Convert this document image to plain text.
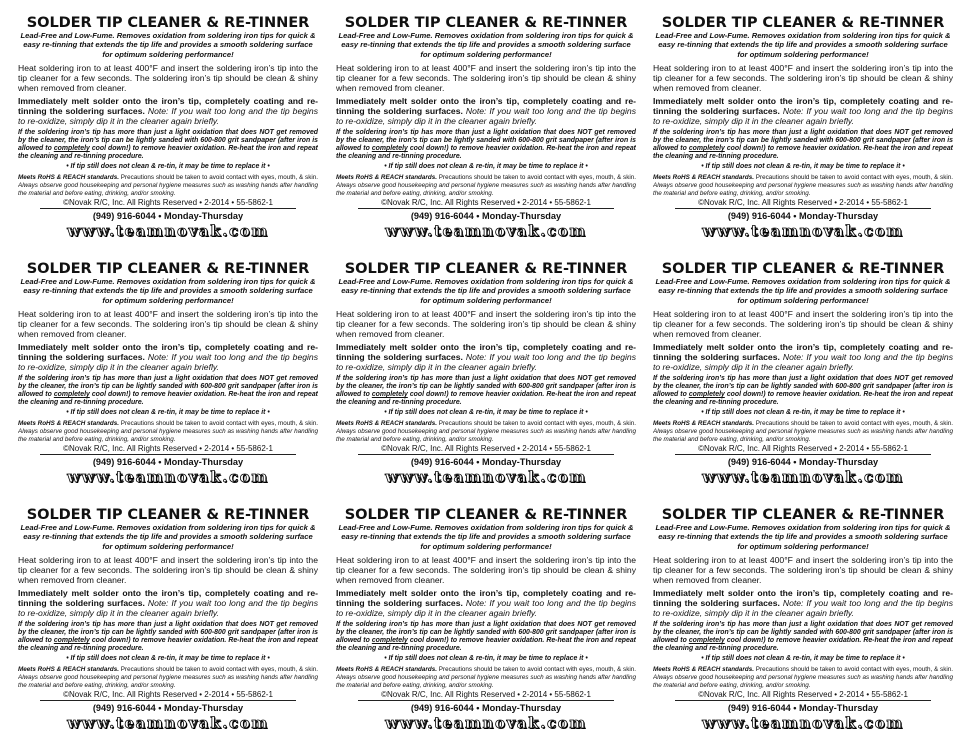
SOLDER TIP CLEANER & RE-TINNER
Lead-Free and Low-Fume. Removes oxidation from soldering iron tips for quick & easy re-tinning that extends the tip life and provides a smooth soldering surface for optimum soldering performance!

Heat soldering iron to at least 400°F and insert the soldering iron’s tip into the tip cleaner for a few seconds. The soldering iron’s tip should be clean & shiny when removed from cleaner.

Immediately melt solder onto the iron’s tip, completely coating and re-tinning the soldering surfaces. Note: If you wait too long and the tip begins to re-oxidize, simply dip it in the cleaner again briefly.

If the soldering iron’s tip has more than just a light oxidation that does NOT get removed by the cleaner, the iron’s tip can be lightly sanded with 600-800 grit sandpaper (after iron is allowed to completely cool down!) to remove heavier oxidation. Re-heat the iron and repeat the cleaning and re-tinning procedure.

• If tip still does not clean & re-tin, it may be time to replace it •

Meets RoHS & REACH standards. Precautions should be taken to avoid contact with eyes, mouth, & skin. Always observe good housekeeping and personal hygiene measures such as washing hands after handling the material and before eating, drinking, and/or smoking.

©Novak R/C, Inc. All Rights Reserved • 2-2014 • 55-5862-1

(949) 916-6044 • Monday-Thursday

www.teamnovak.com
SOLDER TIP CLEANER & RE-TINNER
Lead-Free and Low-Fume. Removes oxidation from soldering iron tips for quick & easy re-tinning that extends the tip life and provides a smooth soldering surface for optimum soldering performance!

Heat soldering iron to at least 400°F and insert the soldering iron’s tip into the tip cleaner for a few seconds. The soldering iron’s tip should be clean & shiny when removed from cleaner.

Immediately melt solder onto the iron’s tip, completely coating and re-tinning the soldering surfaces. Note: If you wait too long and the tip begins to re-oxidize, simply dip it in the cleaner again briefly.

If the soldering iron’s tip has more than just a light oxidation that does NOT get removed by the cleaner, the iron’s tip can be lightly sanded with 600-800 grit sandpaper (after iron is allowed to completely cool down!) to remove heavier oxidation. Re-heat the iron and repeat the cleaning and re-tinning procedure.

• If tip still does not clean & re-tin, it may be time to replace it •

Meets RoHS & REACH standards. Precautions should be taken to avoid contact with eyes, mouth, & skin. Always observe good housekeeping and personal hygiene measures such as washing hands after handling the material and before eating, drinking, and/or smoking.

©Novak R/C, Inc. All Rights Reserved • 2-2014 • 55-5862-1

(949) 916-6044 • Monday-Thursday

www.teamnovak.com
SOLDER TIP CLEANER & RE-TINNER
Lead-Free and Low-Fume. Removes oxidation from soldering iron tips for quick & easy re-tinning that extends the tip life and provides a smooth soldering surface for optimum soldering performance!

Heat soldering iron to at least 400°F and insert the soldering iron’s tip into the tip cleaner for a few seconds. The soldering iron’s tip should be clean & shiny when removed from cleaner.

Immediately melt solder onto the iron’s tip, completely coating and re-tinning the soldering surfaces. Note: If you wait too long and the tip begins to re-oxidize, simply dip it in the cleaner again briefly.

If the soldering iron’s tip has more than just a light oxidation that does NOT get removed by the cleaner, the iron’s tip can be lightly sanded with 600-800 grit sandpaper (after iron is allowed to completely cool down!) to remove heavier oxidation. Re-heat the iron and repeat the cleaning and re-tinning procedure.

• If tip still does not clean & re-tin, it may be time to replace it •

Meets RoHS & REACH standards. Precautions should be taken to avoid contact with eyes, mouth, & skin. Always observe good housekeeping and personal hygiene measures such as washing hands after handling the material and before eating, drinking, and/or smoking.

©Novak R/C, Inc. All Rights Reserved • 2-2014 • 55-5862-1

(949) 916-6044 • Monday-Thursday

www.teamnovak.com
SOLDER TIP CLEANER & RE-TINNER
Lead-Free and Low-Fume. Removes oxidation from soldering iron tips for quick & easy re-tinning that extends the tip life and provides a smooth soldering surface for optimum soldering performance!

Heat soldering iron to at least 400°F and insert the soldering iron’s tip into the tip cleaner for a few seconds. The soldering iron’s tip should be clean & shiny when removed from cleaner.

Immediately melt solder onto the iron’s tip, completely coating and re-tinning the soldering surfaces. Note: If you wait too long and the tip begins to re-oxidize, simply dip it in the cleaner again briefly.

If the soldering iron’s tip has more than just a light oxidation that does NOT get removed by the cleaner, the iron’s tip can be lightly sanded with 600-800 grit sandpaper (after iron is allowed to completely cool down!) to remove heavier oxidation. Re-heat the iron and repeat the cleaning and re-tinning procedure.

• If tip still does not clean & re-tin, it may be time to replace it •

Meets RoHS & REACH standards. Precautions should be taken to avoid contact with eyes, mouth, & skin. Always observe good housekeeping and personal hygiene measures such as washing hands after handling the material and before eating, drinking, and/or smoking.

©Novak R/C, Inc. All Rights Reserved • 2-2014 • 55-5862-1

(949) 916-6044 • Monday-Thursday

www.teamnovak.com
SOLDER TIP CLEANER & RE-TINNER
Lead-Free and Low-Fume. Removes oxidation from soldering iron tips for quick & easy re-tinning that extends the tip life and provides a smooth soldering surface for optimum soldering performance!

Heat soldering iron to at least 400°F and insert the soldering iron’s tip into the tip cleaner for a few seconds. The soldering iron’s tip should be clean & shiny when removed from cleaner.

Immediately melt solder onto the iron’s tip, completely coating and re-tinning the soldering surfaces. Note: If you wait too long and the tip begins to re-oxidize, simply dip it in the cleaner again briefly.

If the soldering iron’s tip has more than just a light oxidation that does NOT get removed by the cleaner, the iron’s tip can be lightly sanded with 600-800 grit sandpaper (after iron is allowed to completely cool down!) to remove heavier oxidation. Re-heat the iron and repeat the cleaning and re-tinning procedure.

• If tip still does not clean & re-tin, it may be time to replace it •

Meets RoHS & REACH standards. Precautions should be taken to avoid contact with eyes, mouth, & skin. Always observe good housekeeping and personal hygiene measures such as washing hands after handling the material and before eating, drinking, and/or smoking.

©Novak R/C, Inc. All Rights Reserved • 2-2014 • 55-5862-1

(949) 916-6044 • Monday-Thursday

www.teamnovak.com
SOLDER TIP CLEANER & RE-TINNER
Lead-Free and Low-Fume. Removes oxidation from soldering iron tips for quick & easy re-tinning that extends the tip life and provides a smooth soldering surface for optimum soldering performance!

Heat soldering iron to at least 400°F and insert the soldering iron’s tip into the tip cleaner for a few seconds. The soldering iron’s tip should be clean & shiny when removed from cleaner.

Immediately melt solder onto the iron’s tip, completely coating and re-tinning the soldering surfaces. Note: If you wait too long and the tip begins to re-oxidize, simply dip it in the cleaner again briefly.

If the soldering iron’s tip has more than just a light oxidation that does NOT get removed by the cleaner, the iron’s tip can be lightly sanded with 600-800 grit sandpaper (after iron is allowed to completely cool down!) to remove heavier oxidation. Re-heat the iron and repeat the cleaning and re-tinning procedure.

• If tip still does not clean & re-tin, it may be time to replace it •

Meets RoHS & REACH standards. Precautions should be taken to avoid contact with eyes, mouth, & skin. Always observe good housekeeping and personal hygiene measures such as washing hands after handling the material and before eating, drinking, and/or smoking.

©Novak R/C, Inc. All Rights Reserved • 2-2014 • 55-5862-1

(949) 916-6044 • Monday-Thursday

www.teamnovak.com
SOLDER TIP CLEANER & RE-TINNER
Lead-Free and Low-Fume. Removes oxidation from soldering iron tips for quick & easy re-tinning that extends the tip life and provides a smooth soldering surface for optimum soldering performance!

Heat soldering iron to at least 400°F and insert the soldering iron’s tip into the tip cleaner for a few seconds. The soldering iron’s tip should be clean & shiny when removed from cleaner.

Immediately melt solder onto the iron’s tip, completely coating and re-tinning the soldering surfaces. Note: If you wait too long and the tip begins to re-oxidize, simply dip it in the cleaner again briefly.

If the soldering iron’s tip has more than just a light oxidation that does NOT get removed by the cleaner, the iron’s tip can be lightly sanded with 600-800 grit sandpaper (after iron is allowed to completely cool down!) to remove heavier oxidation. Re-heat the iron and repeat the cleaning and re-tinning procedure.

• If tip still does not clean & re-tin, it may be time to replace it •

Meets RoHS & REACH standards. Precautions should be taken to avoid contact with eyes, mouth, & skin. Always observe good housekeeping and personal hygiene measures such as washing hands after handling the material and before eating, drinking, and/or smoking.

©Novak R/C, Inc. All Rights Reserved • 2-2014 • 55-5862-1

(949) 916-6044 • Monday-Thursday

www.teamnovak.com
SOLDER TIP CLEANER & RE-TINNER
Lead-Free and Low-Fume. Removes oxidation from soldering iron tips for quick & easy re-tinning that extends the tip life and provides a smooth soldering surface for optimum soldering performance!

Heat soldering iron to at least 400°F and insert the soldering iron’s tip into the tip cleaner for a few seconds. The soldering iron’s tip should be clean & shiny when removed from cleaner.

Immediately melt solder onto the iron’s tip, completely coating and re-tinning the soldering surfaces. Note: If you wait too long and the tip begins to re-oxidize, simply dip it in the cleaner again briefly.

If the soldering iron’s tip has more than just a light oxidation that does NOT get removed by the cleaner, the iron’s tip can be lightly sanded with 600-800 grit sandpaper (after iron is allowed to completely cool down!) to remove heavier oxidation. Re-heat the iron and repeat the cleaning and re-tinning procedure.

• If tip still does not clean & re-tin, it may be time to replace it •

Meets RoHS & REACH standards. Precautions should be taken to avoid contact with eyes, mouth, & skin. Always observe good housekeeping and personal hygiene measures such as washing hands after handling the material and before eating, drinking, and/or smoking.

©Novak R/C, Inc. All Rights Reserved • 2-2014 • 55-5862-1

(949) 916-6044 • Monday-Thursday

www.teamnovak.com
SOLDER TIP CLEANER & RE-TINNER
Lead-Free and Low-Fume. Removes oxidation from soldering iron tips for quick & easy re-tinning that extends the tip life and provides a smooth soldering surface for optimum soldering performance!

Heat soldering iron to at least 400°F and insert the soldering iron’s tip into the tip cleaner for a few seconds. The soldering iron’s tip should be clean & shiny when removed from cleaner.

Immediately melt solder onto the iron’s tip, completely coating and re-tinning the soldering surfaces. Note: If you wait too long and the tip begins to re-oxidize, simply dip it in the cleaner again briefly.

If the soldering iron’s tip has more than just a light oxidation that does NOT get removed by the cleaner, the iron’s tip can be lightly sanded with 600-800 grit sandpaper (after iron is allowed to completely cool down!) to remove heavier oxidation. Re-heat the iron and repeat the cleaning and re-tinning procedure.

• If tip still does not clean & re-tin, it may be time to replace it •

Meets RoHS & REACH standards. Precautions should be taken to avoid contact with eyes, mouth, & skin. Always observe good housekeeping and personal hygiene measures such as washing hands after handling the material and before eating, drinking, and/or smoking.

©Novak R/C, Inc. All Rights Reserved • 2-2014 • 55-5862-1

(949) 916-6044 • Monday-Thursday

www.teamnovak.com
